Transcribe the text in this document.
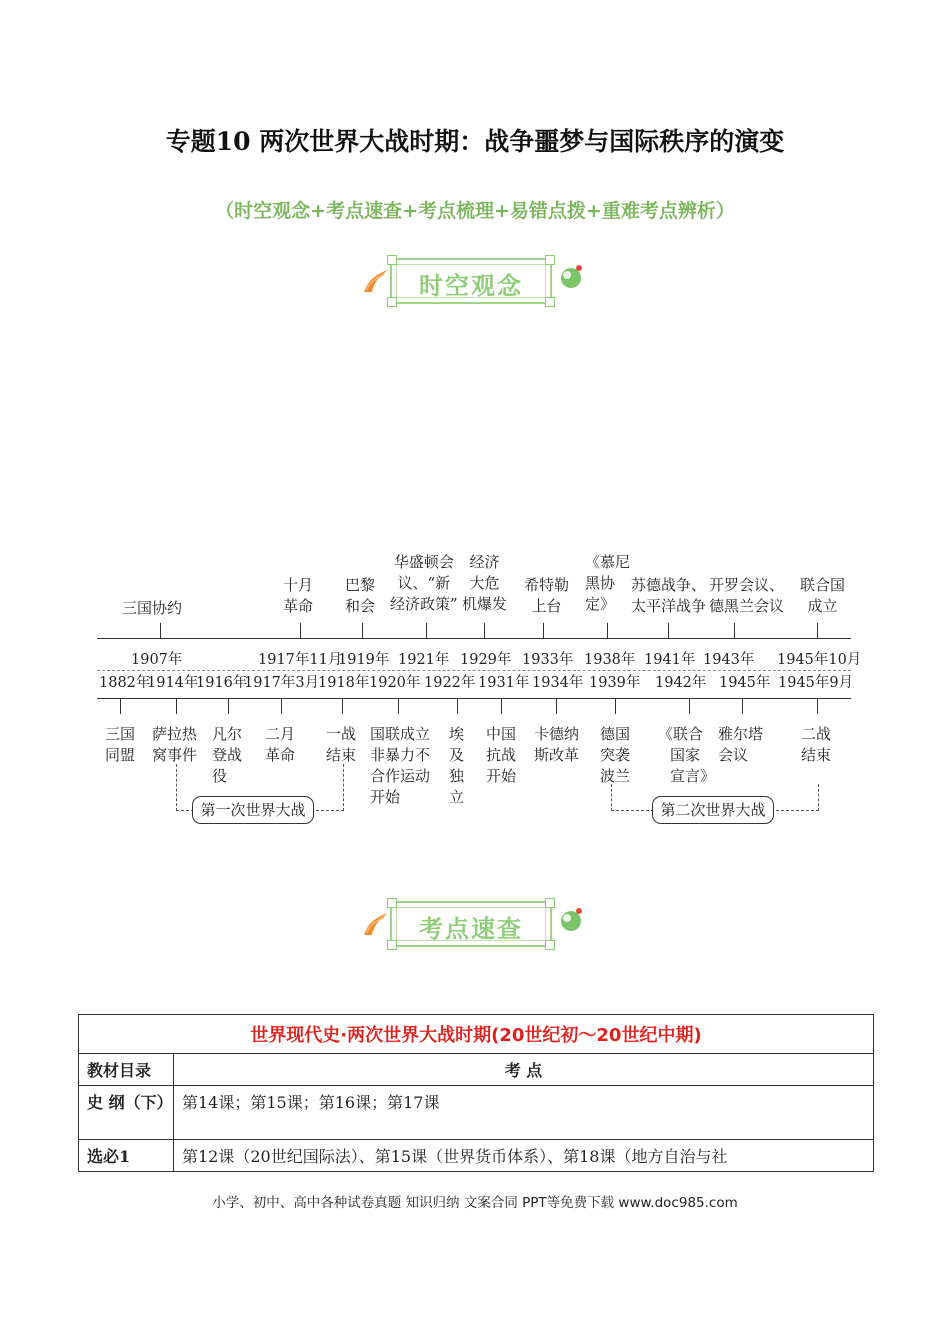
专题10 两次世界大战时期：战争噩梦与国际秩序的演变
（时空观念+考点速查+考点梳理+易错点拨+重难考点辨析）
时空观念
三国协约
十月
革命
巴黎
和会
华盛顿会
议、“新
经济政策”
经济
大危
机爆发
希特勒
上台
《慕尼
黑协
定》
苏德战争、
太平洋战争
开罗会议、
德黑兰会议
联合国
成立
1907年	1917年11月
1919年 1921年 1929年 1933年 1938年 1941年 1943年 1945年10月
1882年
1914年
1916年
1917年3月
1918年 1920年 1922年 1931年 1934年 1939年 1942年 1945年 1945年9月
三国
同盟
萨拉热
窝事件
凡尔
登战
役
二月
革命
一战
结束
国联成立
非暴力不
合作运动
开始
埃
及
独
立
中国
抗战
开始
卡德纳
斯改革
德国
突袭
波兰
《联合
国家
宣言》
雅尔塔
会议
二战
结束
第一次世界大战	第二次世界大战
考点速查
世界现代史·两次世界大战时期(20世纪初～20世纪中期)	
教材目录	考 点
史 纲（下）	第14课；第15课；第16课；第17课
选必1	第12课（20世纪国际法）、第15课（世界货币体系）、第18课（地方自治与社
小学、初中、高中各种试卷真题 知识归纳 文案合同 PPT等免费下载 www.doc985.com
